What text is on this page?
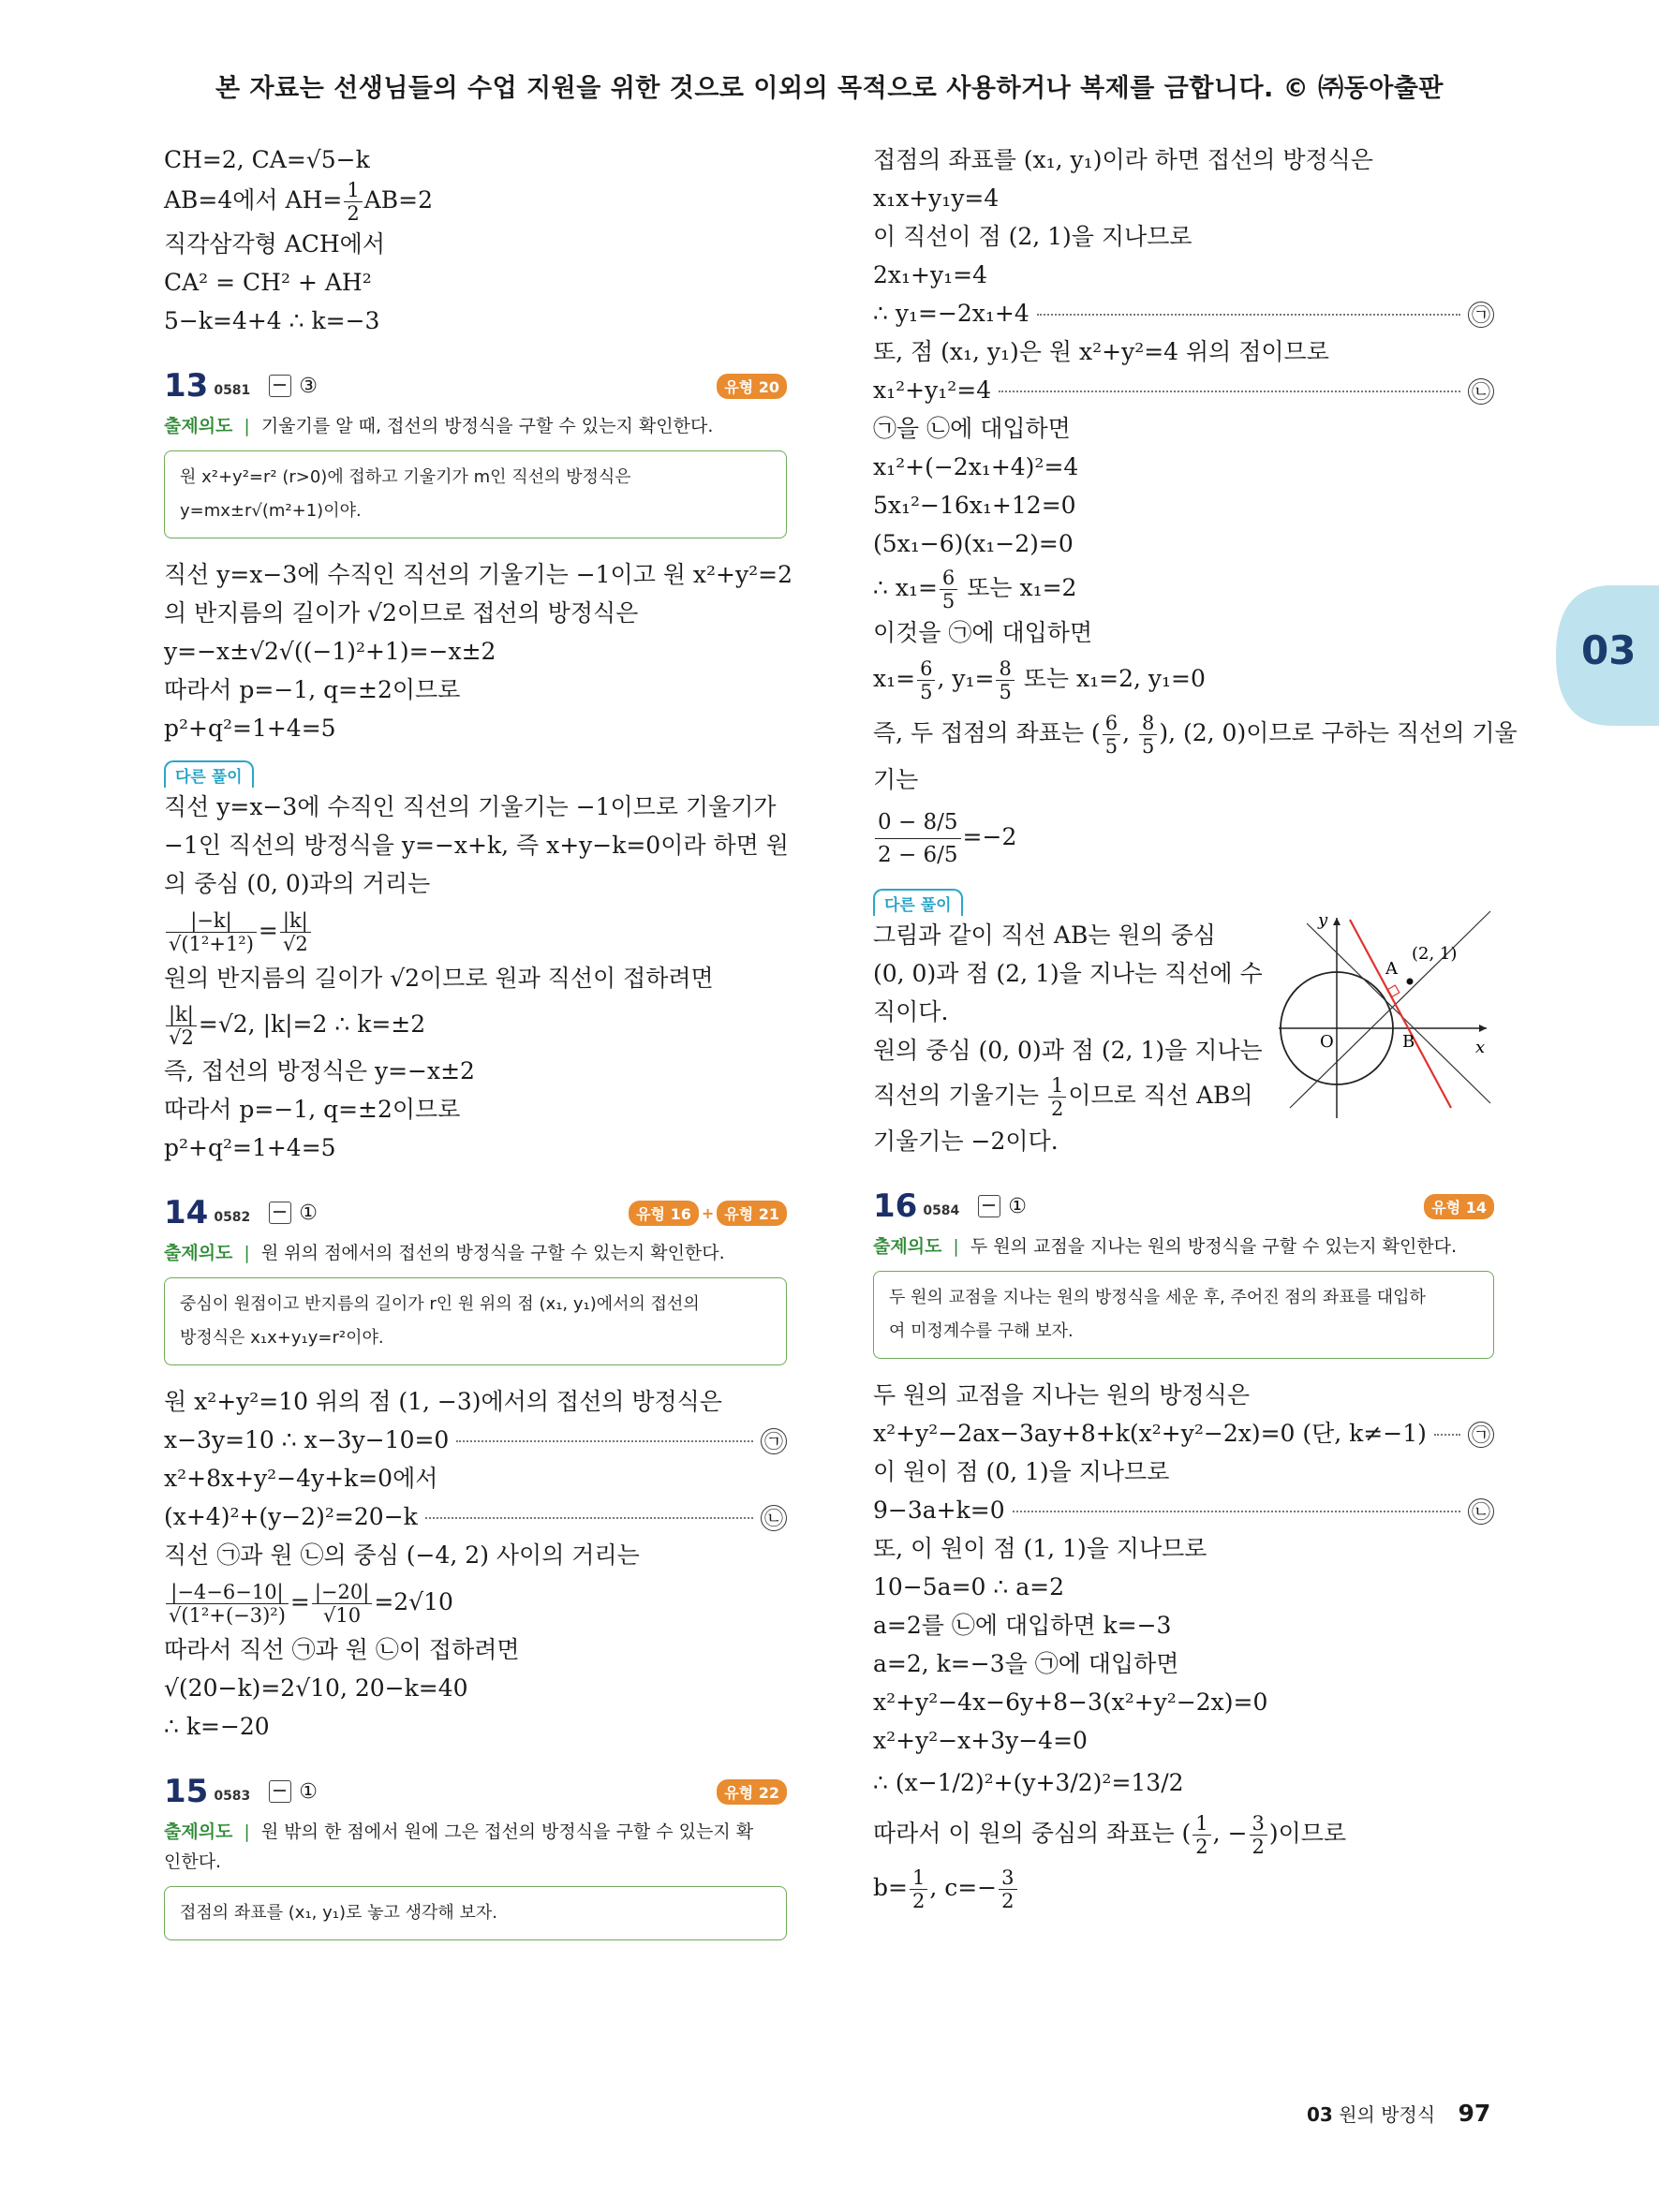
본 자료는 선생님들의 수업 지원을 위한 것으로 이외의 목적으로 사용하거나 복제를 금합니다. © ㈜동아출판
03
CH=2, CA=√5−k
AB=4에서 $AH= \frac{1}{2} AB=2$
직각삼각형 ACH에서
CA² = CH² + AH²
5−k=4+4 ∴ k=−3
13 0581 ③	유형 20
출제의도 | 기울기를 알 때, 접선의 방정식을 구할 수 있는지 확인한다.
원 x²+y²=r² (r>0)에 접하고 기울기가 m인 직선의 방정식은
y=mx±r√(m²+1)이야.
직선 y=x−3에 수직인 직선의 기울기는 −1이고 원 x²+y²=2
의 반지름의 길이가 √2이므로 접선의 방정식은
y=−x±√2√((−1)²+1)=−x±2
따라서 p=−1, q=±2이므로
p²+q²=1+4=5
다른 풀이
직선 y=x−3에 수직인 직선의 기울기는 −1이므로 기울기가
−1인 직선의 방정식을 y=−x+k, 즉 x+y−k=0이라 하면 원
의 중심 (0, 0)과의 거리는
$\frac{|-k|}{\text{√(1²+1²)}} = \frac{|k|}{√2}$
원의 반지름의 길이가 √2이므로 원과 직선이 접하려면
$\frac{|k|}{√2} =√2$, |k|=2 ∴ k=±2
즉, 접선의 방정식은 y=−x±2
따라서 p=−1, q=±2이므로
p²+q²=1+4=5
14 0582 ①	유형 16 + 유형 21
출제의도 | 원 위의 점에서의 접선의 방정식을 구할 수 있는지 확인한다.
중심이 원점이고 반지름의 길이가 r인 원 위의 점 (x₁, y₁)에서의 접선의
방정식은 x₁x+y₁y=r²이야.
원 x²+y²=10 위의 점 (1, −3)에서의 접선의 방정식은
x−3y=10 ∴ x−3y−10=0	㉠
x²+8x+y²−4y+k=0에서
(x+4)²+(y−2)²=20−k	㉡
직선 ㉠과 원 ㉡의 중심 (−4, 2) 사이의 거리는
$\frac{|-4-6-10|}{\text{√(1²+(−3)²)}} = \frac{|-20|}{√10} =2√10$
따라서 직선 ㉠과 원 ㉡이 접하려면
√(20−k)=2√10, 20−k=40
∴ k=−20
15 0583 ①	유형 22
출제의도 | 원 밖의 한 점에서 원에 그은 접선의 방정식을 구할 수 있는지 확
인한다.
접점의 좌표를 (x₁, y₁)로 놓고 생각해 보자.
접점의 좌표를 (x₁, y₁)이라 하면 접선의 방정식은
x₁x+y₁y=4
이 직선이 점 (2, 1)을 지나므로
2x₁+y₁=4
∴ y₁=−2x₁+4	㉠
또, 점 (x₁, y₁)은 원 x²+y²=4 위의 점이므로
x₁²+y₁²=4	㉡
㉠을 ㉡에 대입하면
x₁²+(−2x₁+4)²=4
5x₁²−16x₁+12=0
(5x₁−6)(x₁−2)=0
∴ $x_1= \frac{6}{5}$ 또는 x₁=2
이것을 ㉠에 대입하면
$x_1= \frac{6}{5}$ , $y_1= \frac{8}{5}$ 또는 x₁=2, y₁=0
즉, 두 접점의 좌표는 ( $\frac{6}{5}$ , $\frac{8}{5}$ ), (2, 0)이므로 구하는 직선의 기울
기는
$\frac{0 - 8/5}{2 - 6/5} =-2$
다른 풀이
그림과 같이 직선 AB는 원의 중심
(0, 0)과 점 (2, 1)을 지나는 직선에 수
직이다.
원의 중심 (0, 0)과 점 (2, 1)을 지나는
직선의 기울기는 $\frac{1}{2}$ 이므로 직선 AB의
기울기는 −2이다.
y
x
O
A
B
(2, 1)
16 0584 ①	유형 14
출제의도 | 두 원의 교점을 지나는 원의 방정식을 구할 수 있는지 확인한다.
두 원의 교점을 지나는 원의 방정식을 세운 후, 주어진 점의 좌표를 대입하
여 미정계수를 구해 보자.
두 원의 교점을 지나는 원의 방정식은
x²+y²−2ax−3ay+8+k(x²+y²−2x)=0 (단, k≠−1) ㉠
이 원이 점 (0, 1)을 지나므로
9−3a+k=0	㉡
또, 이 원이 점 (1, 1)을 지나므로
10−5a=0 ∴ a=2
a=2를 ㉡에 대입하면 k=−3
a=2, k=−3을 ㉠에 대입하면
x²+y²−4x−6y+8−3(x²+y²−2x)=0
x²+y²−x+3y−4=0
∴ (x−1/2)²+(y+3/2)²=13/2
따라서 이 원의 중심의 좌표는 ( $\frac{1}{2}$ , − $\frac{3}{2}$ )이므로
$b= \frac{1}{2}$ , $c=- \frac{3}{2}$
03 원의 방정식 97
